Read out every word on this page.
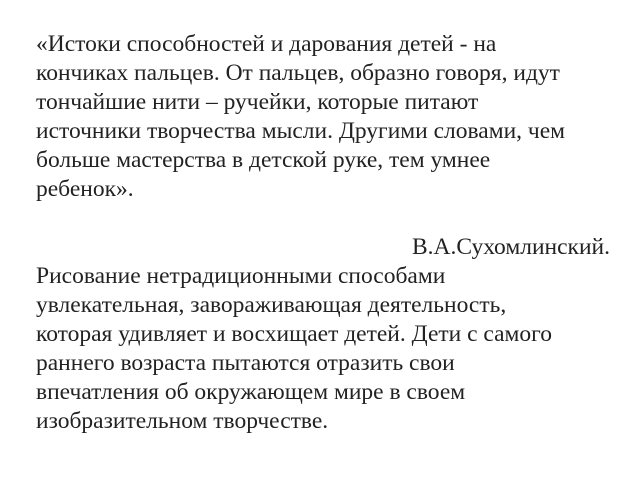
«Истоки способностей и дарования детей - на

кончиках пальцев. От пальцев, образно говоря, идут

тончайшие нити – ручейки, которые питают

источники творчества мысли. Другими словами, чем

больше мастерства в детской руке, тем умнее

ребенок».

В.А.Сухомлинский.

Рисование нетрадиционными способами

увлекательная, завораживающая деятельность,

которая удивляет и восхищает детей. Дети с самого

раннего возраста пытаются отразить свои

впечатления об окружающем мире в своем

изобразительном творчестве.
